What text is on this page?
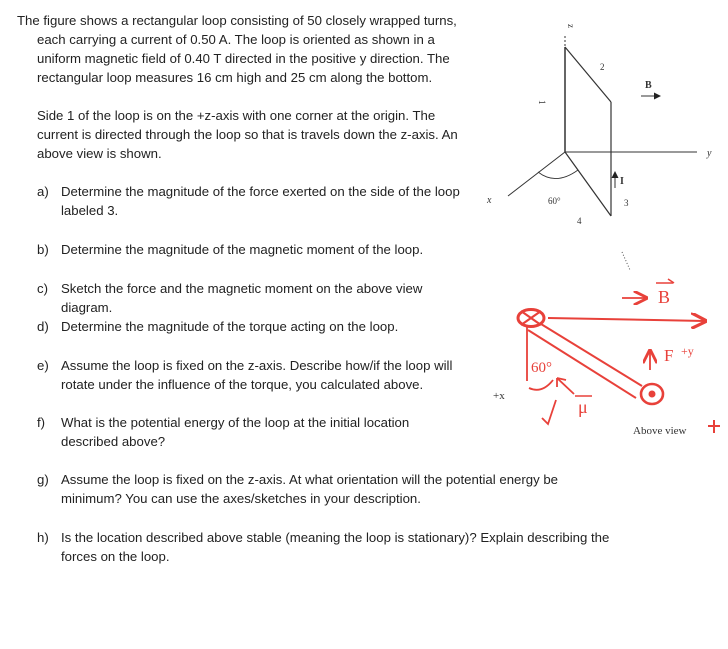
The figure shows a rectangular loop consisting of 50 closely wrapped turns,
each carrying a current of 0.50 A. The loop is oriented as shown in a
uniform magnetic field of 0.40 T directed in the positive y direction. The
rectangular loop measures 16 cm high and 25 cm along the bottom.
Side 1 of the loop is on the +z-axis with one corner at the origin. The
current is directed through the loop so that is travels down the z-axis. An
above view is shown.
a) Determine the magnitude of the force exerted on the side of the loop
labeled 3.
b) Determine the magnitude of the magnetic moment of the loop.
c) Sketch the force and the magnetic moment on the above view
diagram.
d) Determine the magnitude of the torque acting on the loop.
e) Assume the loop is fixed on the z-axis. Describe how/if the loop will
rotate under the influence of the torque, you calculated above.
f) What is the potential energy of the loop at the initial location
described above?
g) Assume the loop is fixed on the z-axis. At what orientation will the potential energy be
minimum? You can use the axes/sketches in your description.
h) Is the location described above stable (meaning the loop is stationary)? Explain describing the
forces on the loop.
z
y
x
I
B
1
2
3
4
60°
B
60°
μ
F +y
+x
Above view
